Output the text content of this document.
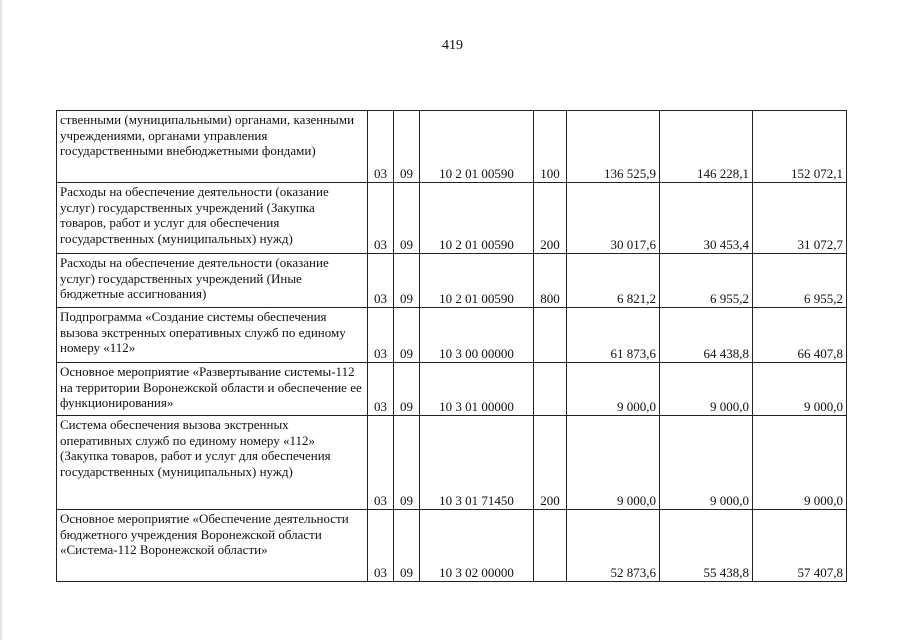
419
ственными (муниципальными) органами, казенными учреждениями, органами управления государственными внебюджетными фондами)	03	09	10 2 01 00590	100	136 525,9	146 228,1	152 072,1
Расходы на обеспечение деятельности (оказание услуг) государственных учреждений (Закупка товаров, работ и услуг для обеспечения государственных (муниципальных) нужд)	03	09	10 2 01 00590	200	30 017,6	30 453,4	31 072,7
Расходы на обеспечение деятельности (оказание услуг) государственных учреждений (Иные бюджетные ассигнования)	03	09	10 2 01 00590	800	6 821,2	6 955,2	6 955,2
Подпрограмма «Создание системы обеспечения вызова экстренных оперативных служб по единому номеру «112»	03	09	10 3 00 00000		61 873,6	64 438,8	66 407,8
Основное мероприятие «Развертывание системы-112 на территории Воронежской области и обеспечение ее функционирования»	03	09	10 3 01 00000		9 000,0	9 000,0	9 000,0
Система обеспечения вызова экстренных оперативных служб по единому номеру «112» (Закупка товаров, работ и услуг для обеспечения государственных (муниципальных) нужд)	03	09	10 3 01 71450	200	9 000,0	9 000,0	9 000,0
Основное мероприятие «Обеспечение деятельности бюджетного учреждения Воронежской области «Система-112 Воронежской области»	03	09	10 3 02 00000		52 873,6	55 438,8	57 407,8
